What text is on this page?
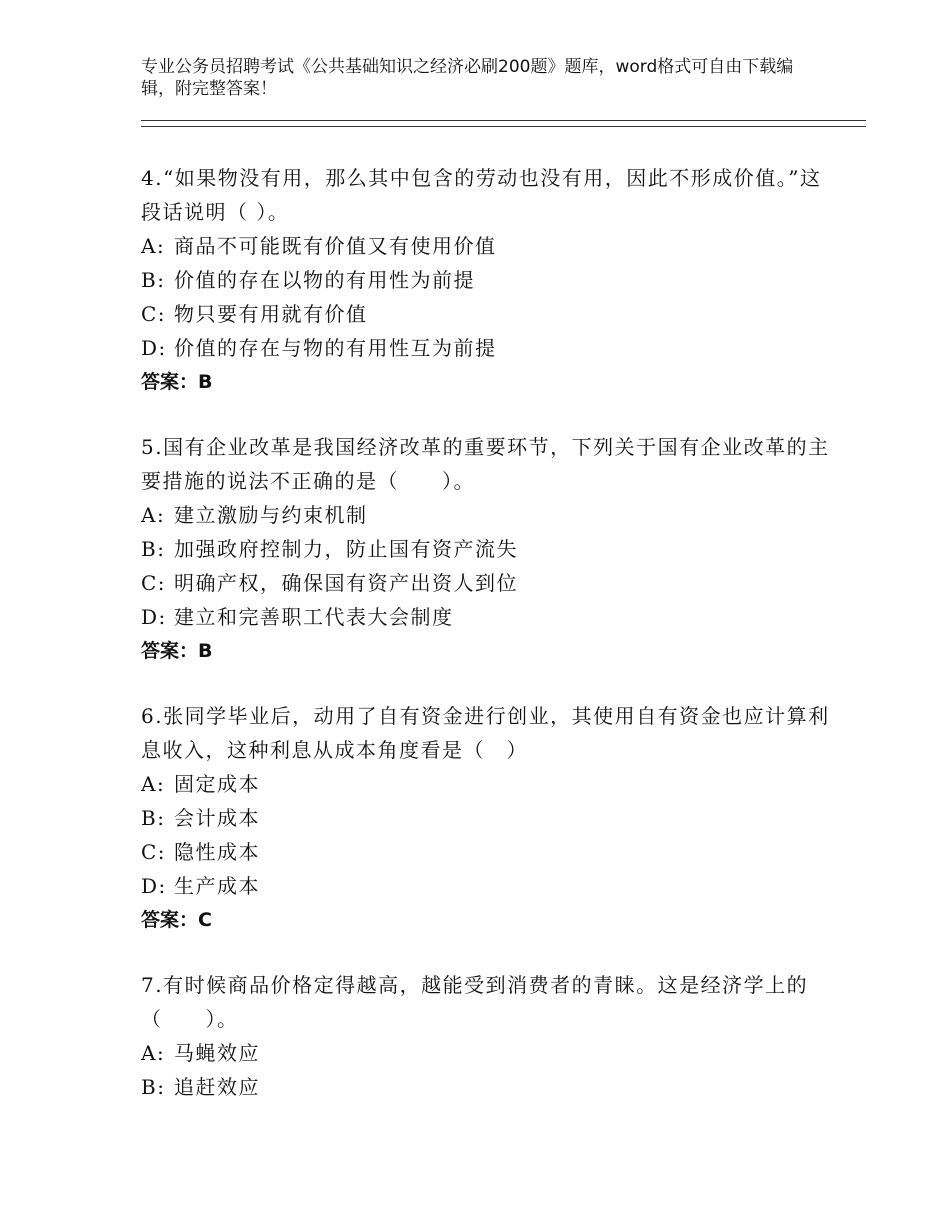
专业公务员招聘考试《公共基础知识之经济必刷200题》题库，word格式可自由下载编辑，附完整答案！
4.“如果物没有用，那么其中包含的劳动也没有用，因此不形成价值。”这段话说明（ ）。
A: 商品不可能既有价值又有使用价值
B: 价值的存在以物的有用性为前提
C: 物只要有用就有价值
D: 价值的存在与物的有用性互为前提
答案：B
5.国有企业改革是我国经济改革的重要环节，下列关于国有企业改革的主要措施的说法不正确的是（　　）。
A: 建立激励与约束机制
B: 加强政府控制力，防止国有资产流失
C: 明确产权，确保国有资产出资人到位
D: 建立和完善职工代表大会制度
答案：B
6.张同学毕业后，动用了自有资金进行创业，其使用自有资金也应计算利息收入，这种利息从成本角度看是（　）
A: 固定成本
B: 会计成本
C: 隐性成本
D: 生产成本
答案：C
7.有时候商品价格定得越高，越能受到消费者的青睐。这是经济学上的（　　）。
A: 马蝇效应
B: 追赶效应
